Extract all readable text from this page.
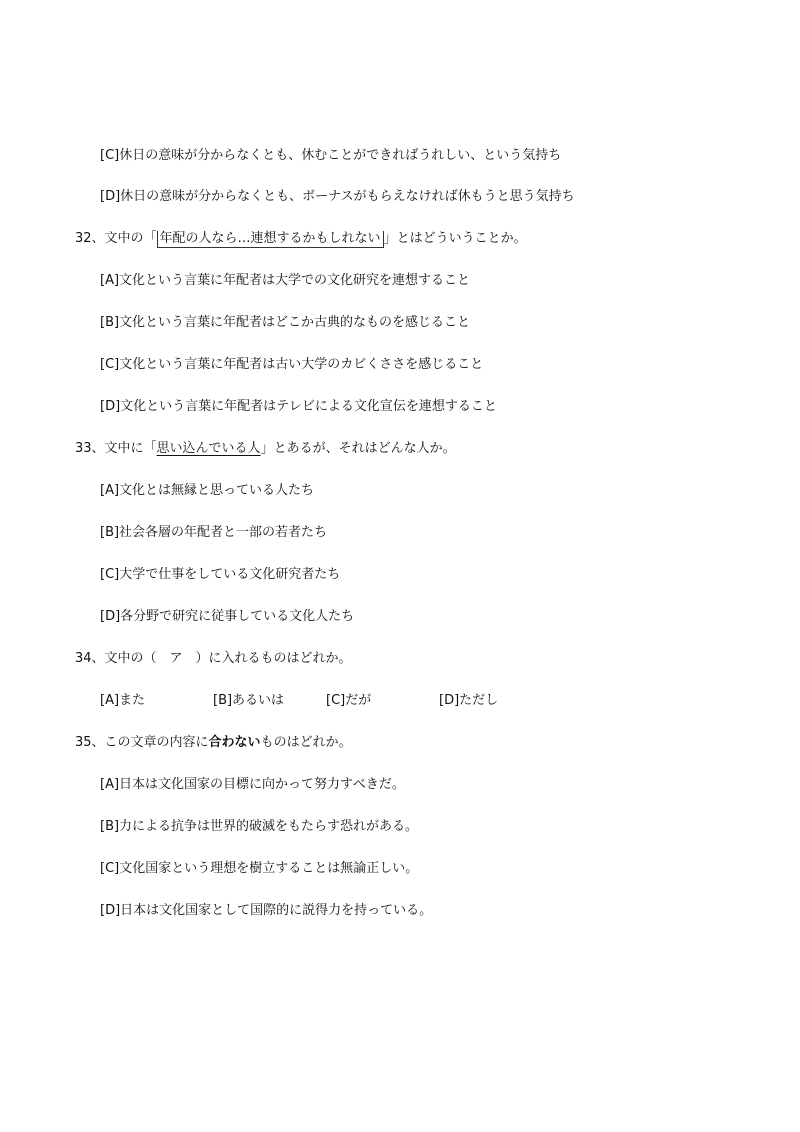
[C]休日の意味が分からなくとも、休むことができればうれしい、という気持ち
[D]休日の意味が分からなくとも、ボーナスがもらえなければ休もうと思う気持ち
32、文中の「 年配の人なら…連想するかもしれない 」とはどういうことか。
[A]文化という言葉に年配者は大学での文化研究を連想すること
[B]文化という言葉に年配者はどこか古典的なものを感じること
[C]文化という言葉に年配者は古い大学のカビくささを感じること
[D]文化という言葉に年配者はテレビによる文化宣伝を連想すること
33、文中に「思い込んでいる人」とあるが、それはどんな人か。
[A]文化とは無縁と思っている人たち
[B]社会各層の年配者と一部の若者たち
[C]大学で仕事をしている文化研究者たち
[D]各分野で研究に従事している文化人たち
34、文中の（　ア　）に入れるものはどれか。
[A]また	[B]あるいは	[C]だが	[D]ただし
35、この文章の内容に合わないものはどれか。
[A]日本は文化国家の目標に向かって努力すべきだ。
[B]力による抗争は世界的破滅をもたらす恐れがある。
[C]文化国家という理想を樹立することは無論正しい。
[D]日本は文化国家として国際的に説得力を持っている。
